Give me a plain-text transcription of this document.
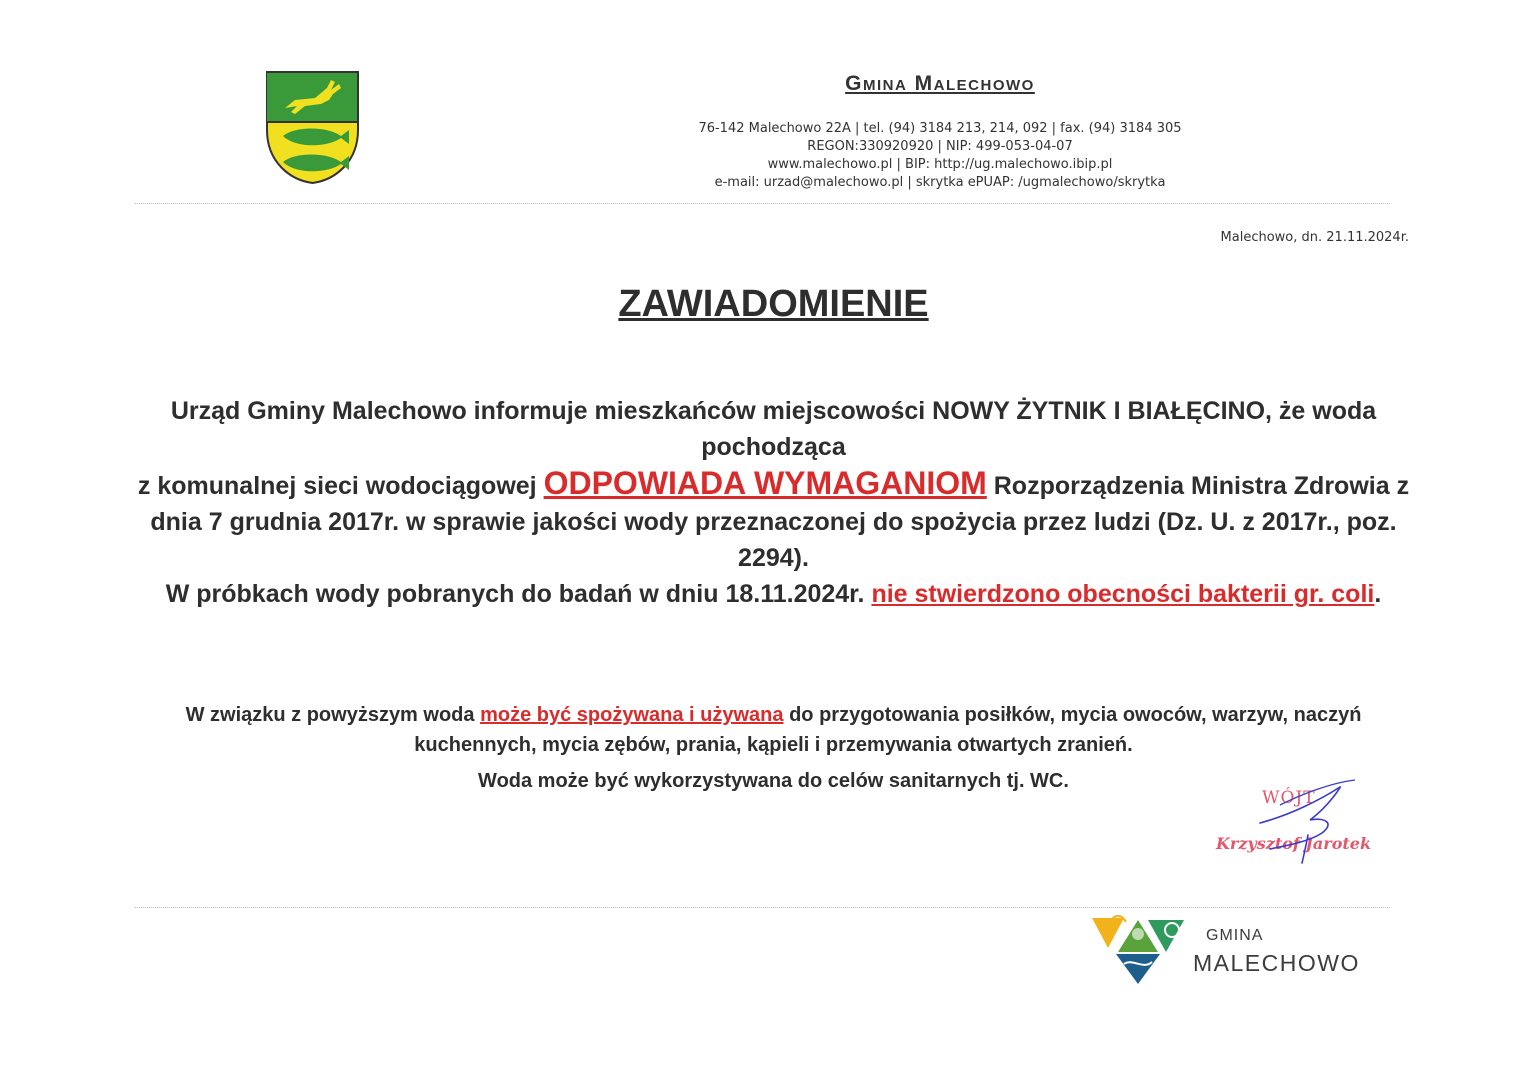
Gmina Malechowo
76-142 Malechowo 22A | tel. (94) 3184 213, 214, 092 | fax. (94) 3184 305
REGON:330920920 | NIP: 499-053-04-07
www.malechowo.pl | BIP: http://ug.malechowo.ibip.pl
e-mail: urzad@malechowo.pl | skrytka ePUAP: /ugmalechowo/skrytka
Malechowo, dn. 21.11.2024r.
ZAWIADOMIENIE
Urząd Gminy Malechowo informuje mieszkańców miejscowości NOWY ŻYTNIK I BIAŁĘCINO, że woda pochodząca
z komunalnej sieci wodociągowej ODPOWIADA WYMAGANIOM Rozporządzenia Ministra Zdrowia z dnia 7 grudnia 2017r. w sprawie jakości wody przeznaczonej do spożycia przez ludzi (Dz. U. z 2017r., poz. 2294).
W próbkach wody pobranych do badań w dniu 18.11.2024r. nie stwierdzono obecności bakterii gr. coli.
W związku z powyższym woda może być spożywana i używana do przygotowania posiłków, mycia owoców, warzyw, naczyń kuchennych, mycia zębów, prania, kąpieli i przemywania otwartych zranień.
Woda może być wykorzystywana do celów sanitarnych tj. WC.
WÓJT
Krzysztof Jarotek
GMINA
MALECHOWO
